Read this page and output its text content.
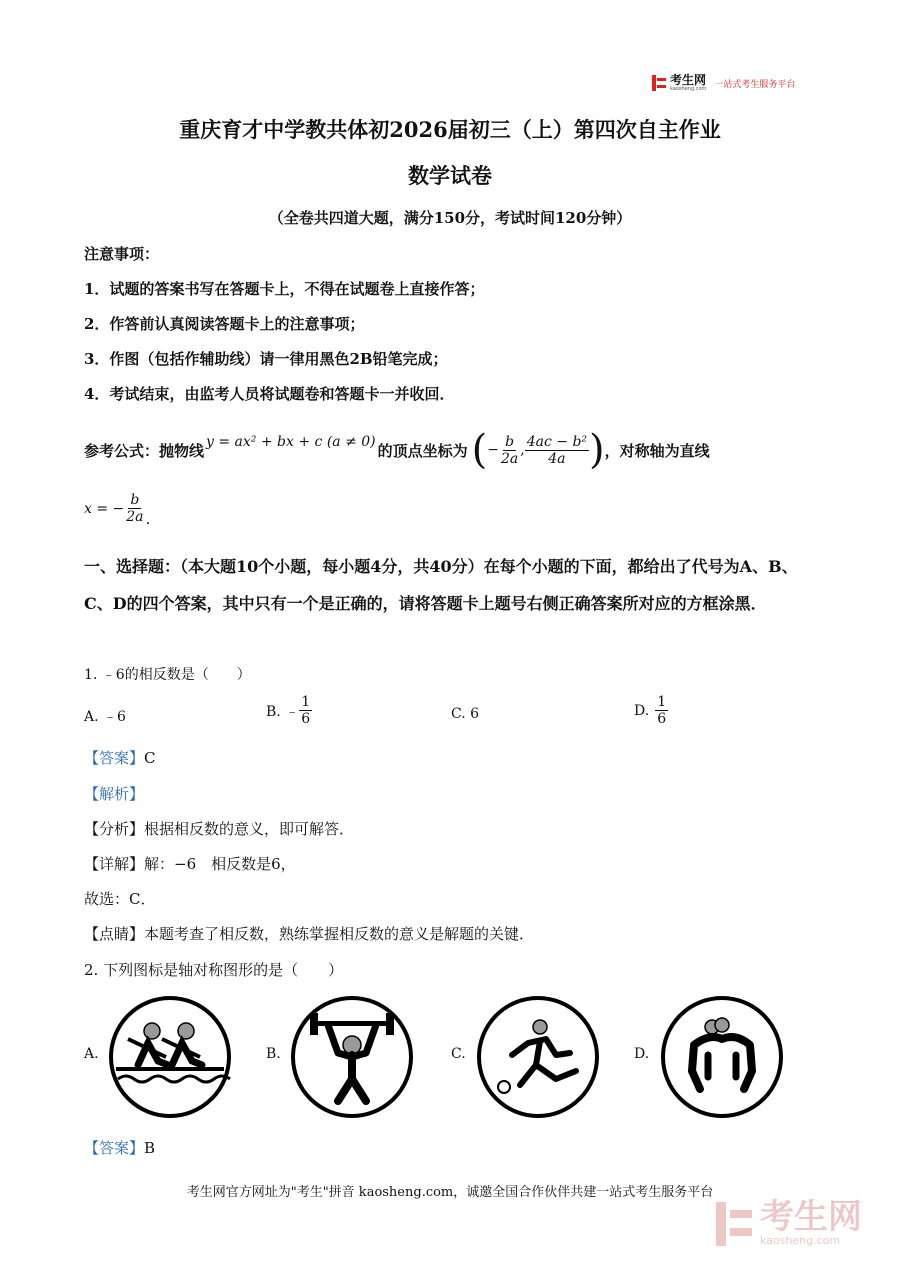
考生网
kaosheng.com 一站式考生服务平台
重庆育才中学教共体初2026届初三（上）第四次自主作业
数学试卷
（全卷共四道大题，满分150分，考试时间120分钟）
注意事项：
1．试题的答案书写在答题卡上，不得在试题卷上直接作答；
2．作答前认真阅读答题卡上的注意事项；
3．作图（包括作辅助线）请一律用黑色2B铅笔完成；
4．考试结束，由监考人员将试题卷和答题卡一并收回．
参考公式：抛物线 y = ax² + bx + c (a ≠ 0) 的顶点坐标为 ( − $\frac{b}{2a}$ , $\frac{\text{4ac − b²}}{4a}$ ) ，对称轴为直线
x = − $\frac{b}{2a}$ .
一、选择题：（本大题10个小题，每小题4分，共40分）在每个小题的下面，都给出了代号为A、B、C、D的四个答案，其中只有一个是正确的，请将答题卡上题号右侧正确答案所对应的方框涂黑．
1. ﹣6的相反数是（　　）
A. ﹣6	B. ﹣ $\frac{1}{6}$	C. 6	D. $\frac{1}{6}$
【答案】C
【解析】
【分析】根据相反数的意义，即可解答．
【详解】解：−6　相反数是6，
故选：C．
【点睛】本题考查了相反数，熟练掌握相反数的意义是解题的关键．
2. 下列图标是轴对称图形的是（　　）
A.	B.	C.	D.
【答案】B
考生网官方网址为"考生"拼音 kaosheng.com，诚邀全国合作伙伴共建一站式考生服务平台
考生网
kaosheng.com
